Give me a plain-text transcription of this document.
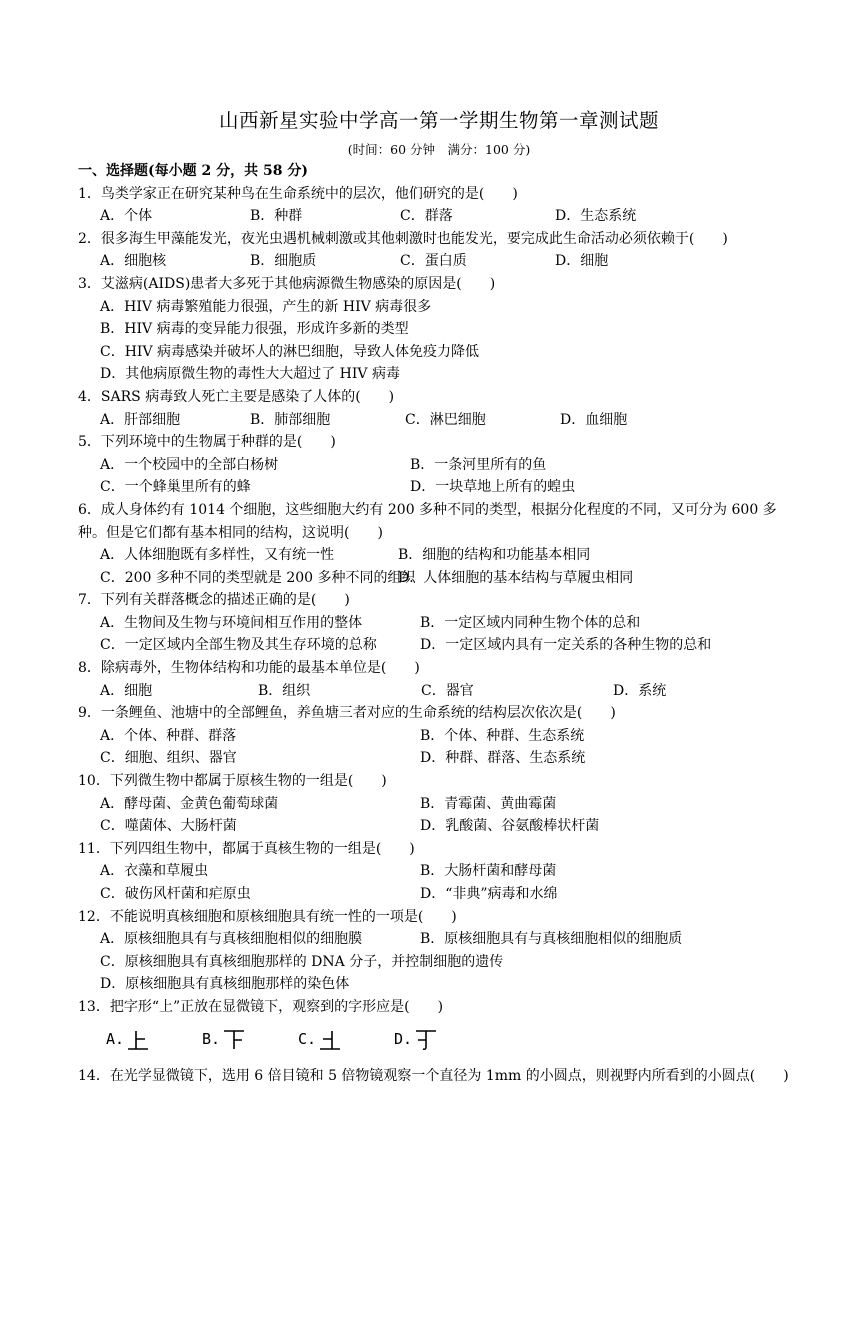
山西新星实验中学高一第一学期生物第一章测试题
(时间：60 分钟　满分：100 分)
一、选择题(每小题 2 分，共 58 分)
1．鸟类学家正在研究某种鸟在生命系统中的层次，他们研究的是(　　)
A．个体	B．种群	C．群落	D．生态系统
2．很多海生甲藻能发光，夜光虫遇机械刺激或其他刺激时也能发光，要完成此生命活动必须依赖于(　　)
A．细胞核	B．细胞质	C．蛋白质	D．细胞
3．艾滋病(AIDS)患者大多死于其他病源微生物感染的原因是(　　)
A．HIV 病毒繁殖能力很强，产生的新 HIV 病毒很多
B．HIV 病毒的变异能力很强，形成许多新的类型
C．HIV 病毒感染并破坏人的淋巴细胞，导致人体免疫力降低
D．其他病原微生物的毒性大大超过了 HIV 病毒
4．SARS 病毒致人死亡主要是感染了人体的(　　)
A．肝部细胞	B．肺部细胞	C．淋巴细胞	D．血细胞
5．下列环境中的生物属于种群的是(　　)
A．一个校园中的全部白杨树	B．一条河里所有的鱼
C．一个蜂巢里所有的蜂	D．一块草地上所有的蝗虫
6．成人身体约有 1014 个细胞，这些细胞大约有 200 多种不同的类型，根据分化程度的不同，又可分为 600 多种。但是它们都有基本相同的结构，这说明(　　)
A．人体细胞既有多样性，又有统一性	B．细胞的结构和功能基本相同
C．200 多种不同的类型就是 200 多种不同的组织
D．人体细胞的基本结构与草履虫相同
7．下列有关群落概念的描述正确的是(　　)
A．生物间及生物与环境间相互作用的整体	B．一定区域内同种生物个体的总和
C．一定区域内全部生物及其生存环境的总称	D．一定区域内具有一定关系的各种生物的总和
8．除病毒外，生物体结构和功能的最基本单位是(　　)
A．细胞	B．组织	C．器官	D．系统
9．一条鲤鱼、池塘中的全部鲤鱼，养鱼塘三者对应的生命系统的结构层次依次是(　　)
A．个体、种群、群落	B．个体、种群、生态系统
C．细胞、组织、器官	D．种群、群落、生态系统
10．下列微生物中都属于原核生物的一组是(　　)
A．酵母菌、金黄色葡萄球菌	B．青霉菌、黄曲霉菌
C．噬菌体、大肠杆菌	D．乳酸菌、谷氨酸棒状杆菌
11．下列四组生物中，都属于真核生物的一组是(　　)
A．衣藻和草履虫	B．大肠杆菌和酵母菌
C．破伤风杆菌和疟原虫	D．“非典”病毒和水绵
12．不能说明真核细胞和原核细胞具有统一性的一项是(　　)
A．原核细胞具有与真核细胞相似的细胞膜	B．原核细胞具有与真核细胞相似的细胞质
C．原核细胞具有真核细胞那样的 DNA 分子，并控制细胞的遗传
D．原核细胞具有真核细胞那样的染色体
13．把字形“上”正放在显微镜下，观察到的字形应是(　　)
A.	B.	C.	D.
14．在光学显微镜下，选用 6 倍目镜和 5 倍物镜观察一个直径为 1mm 的小圆点，则视野内所看到的小圆点(　　)
